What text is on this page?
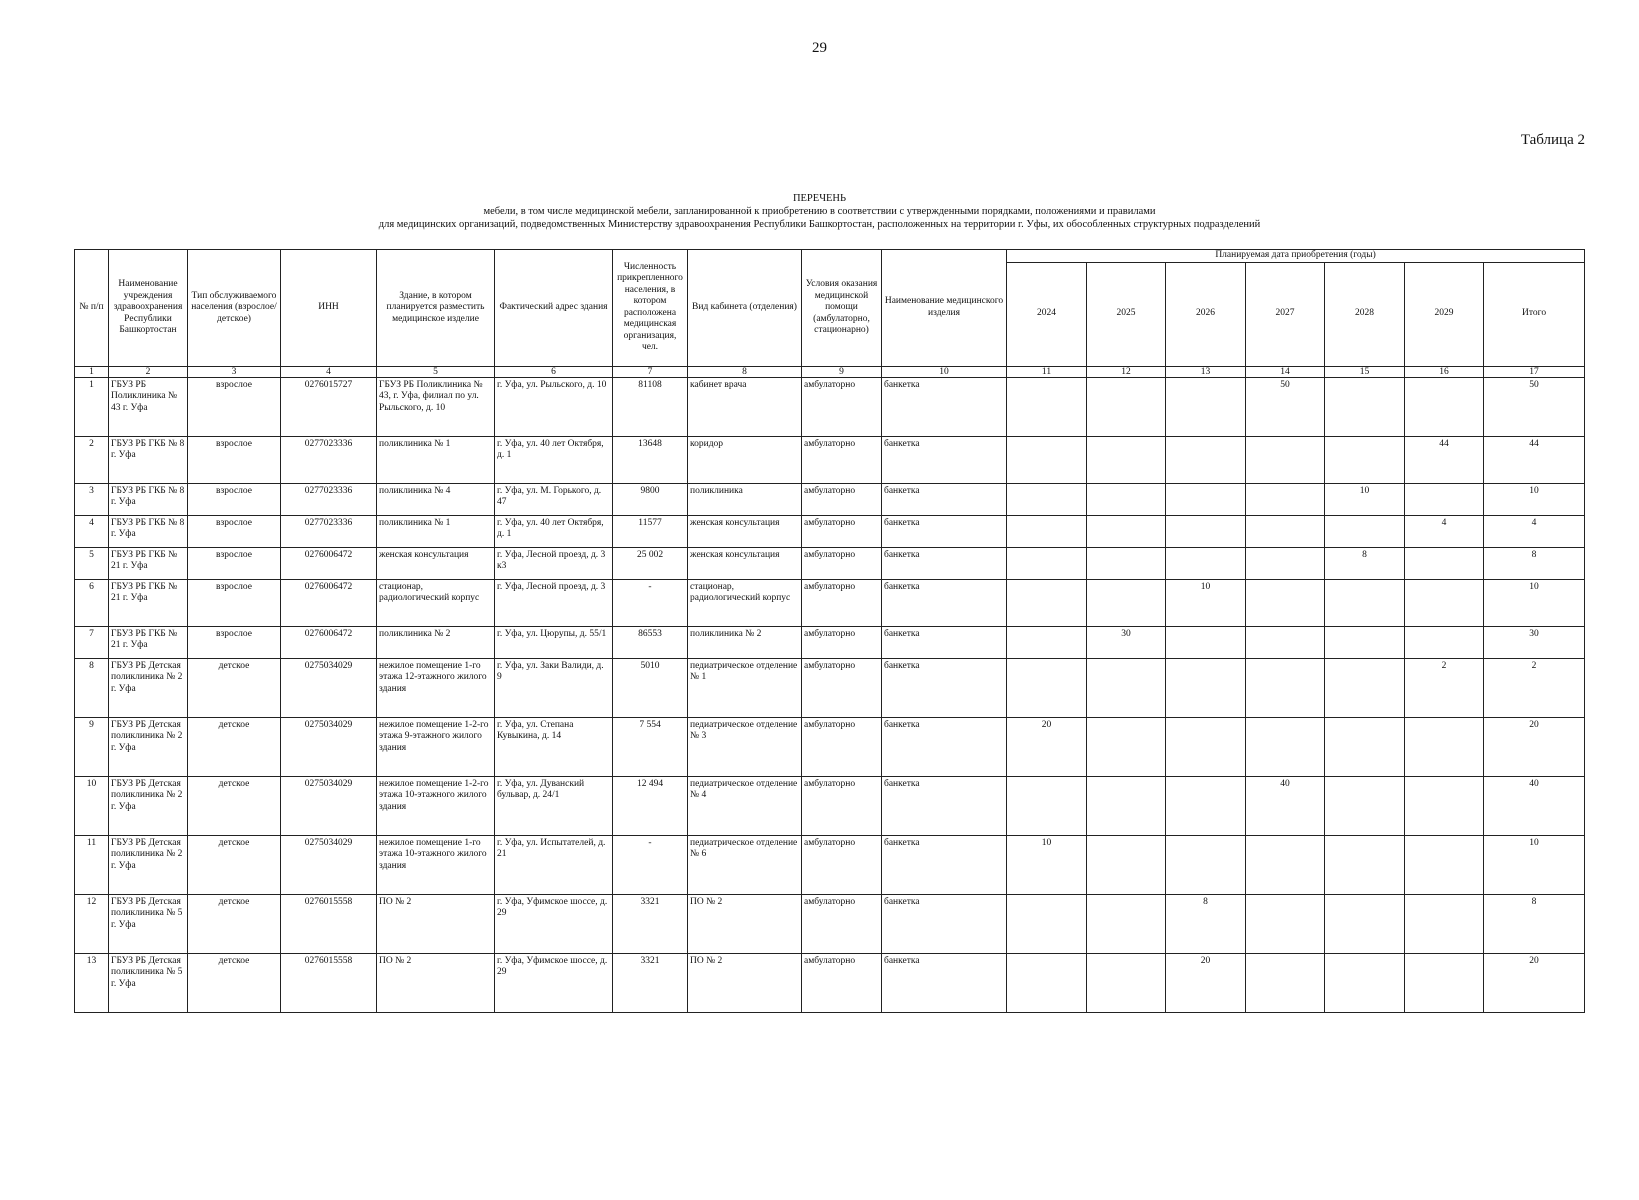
29
Таблица 2
ПЕРЕЧЕНЬ
мебели, в том числе медицинской мебели, запланированной к приобретению в соответствии с утвержденными порядками, положениями и правилами
для медицинских организаций, подведомственных Министерству здравоохранения Республики Башкортостан, расположенных на территории г. Уфы, их обособленных структурных подразделений
№ п/п	Наименование учреждения здравоохранения Республики Башкортостан	Тип обслуживаемого населения (взрослое/детское)	ИНН	Здание, в котором планируется разместить медицинское изделие	Фактический адрес здания	Численность прикрепленного населения, в котором расположена медицинская организация, чел.	Вид кабинета (отделения)	Условия оказания медицинской помощи (амбулаторно, стационарно)	Наименование медицинского изделия	Планируемая дата приобретения (годы)						
										2024	2025	2026	2027	2028	2029	Итого
1	2	3	4	5	6	7	8	9	10	11	12	13	14	15	16	17
1	ГБУЗ РБ Поликлиника № 43 г. Уфа	взрослое	0276015727	ГБУЗ РБ Поликлиника № 43, г. Уфа, филиал по ул. Рыльского, д. 10	г. Уфа, ул. Рыльского, д. 10	81108	кабинет врача	амбулаторно	банкетка				50			50
2	ГБУЗ РБ ГКБ № 8 г. Уфа	взрослое	0277023336	поликлиника № 1	г. Уфа, ул. 40 лет Октября, д. 1	13648	коридор	амбулаторно	банкетка						44	44
3	ГБУЗ РБ ГКБ № 8 г. Уфа	взрослое	0277023336	поликлиника № 4	г. Уфа, ул. М. Горького, д. 47	9800	поликлиника	амбулаторно	банкетка					10		10
4	ГБУЗ РБ ГКБ № 8 г. Уфа	взрослое	0277023336	поликлиника № 1	г. Уфа, ул. 40 лет Октября, д. 1	11577	женская консультация	амбулаторно	банкетка						4	4
5	ГБУЗ РБ ГКБ № 21 г. Уфа	взрослое	0276006472	женская консультация	г. Уфа, Лесной проезд, д. 3 к3	25 002	женская консультация	амбулаторно	банкетка					8		8
6	ГБУЗ РБ ГКБ № 21 г. Уфа	взрослое	0276006472	стационар, радиологический корпус	г. Уфа, Лесной проезд, д. 3	-	стационар, радиологический корпус	амбулаторно	банкетка			10				10
7	ГБУЗ РБ ГКБ № 21 г. Уфа	взрослое	0276006472	поликлиника № 2	г. Уфа, ул. Цюрупы, д. 55/1	86553	поликлиника № 2	амбулаторно	банкетка		30					30
8	ГБУЗ РБ Детская поликлиника № 2 г. Уфа	детское	0275034029	нежилое помещение 1-го этажа 12-этажного жилого здания	г. Уфа, ул. Заки Валиди, д. 9	5010	педиатрическое отделение № 1	амбулаторно	банкетка						2	2
9	ГБУЗ РБ Детская поликлиника № 2 г. Уфа	детское	0275034029	нежилое помещение 1-2-го этажа 9-этажного жилого здания	г. Уфа, ул. Степана Кувыкина, д. 14	7 554	педиатрическое отделение № 3	амбулаторно	банкетка	20						20
10	ГБУЗ РБ Детская поликлиника № 2 г. Уфа	детское	0275034029	нежилое помещение 1-2-го этажа 10-этажного жилого здания	г. Уфа, ул. Дуванский бульвар, д. 24/1	12 494	педиатрическое отделение № 4	амбулаторно	банкетка				40			40
11	ГБУЗ РБ Детская поликлиника № 2 г. Уфа	детское	0275034029	нежилое помещение 1-го этажа 10-этажного жилого здания	г. Уфа, ул. Испытателей, д. 21	-	педиатрическое отделение № 6	амбулаторно	банкетка	10						10
12	ГБУЗ РБ Детская поликлиника № 5 г. Уфа	детское	0276015558	ПО № 2	г. Уфа, Уфимское шоссе, д. 29	3321	ПО № 2	амбулаторно	банкетка			8				8
13	ГБУЗ РБ Детская поликлиника № 5 г. Уфа	детское	0276015558	ПО № 2	г. Уфа, Уфимское шоссе, д. 29	3321	ПО № 2	амбулаторно	банкетка			20				20
